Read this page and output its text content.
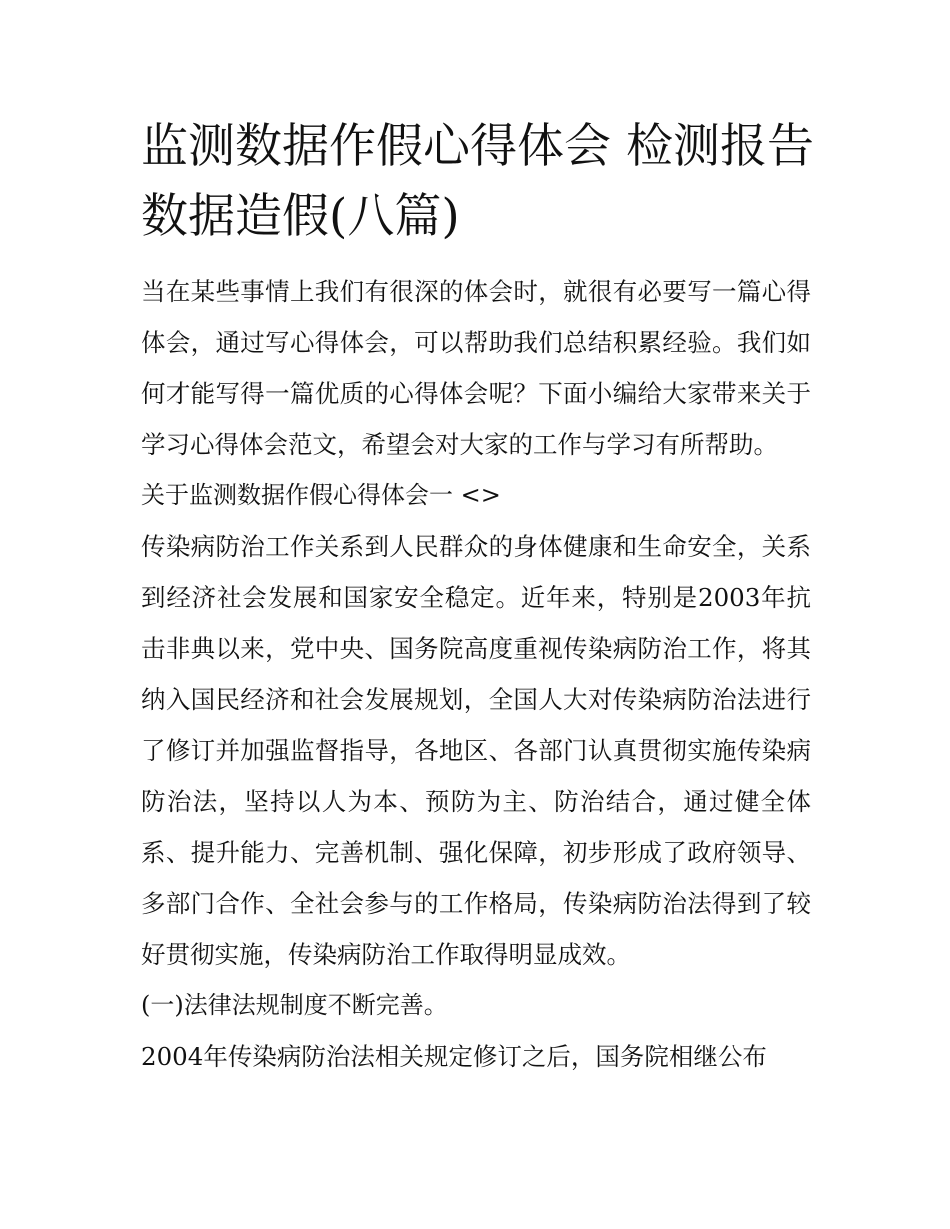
监测数据作假心得体会 检测报告数据造假(八篇)

当在某些事情上我们有很深的体会时，就很有必要写一篇心得体会，通过写心得体会，可以帮助我们总结积累经验。我们如何才能写得一篇优质的心得体会呢？下面小编给大家带来关于学习心得体会范文，希望会对大家的工作与学习有所帮助。

关于监测数据作假心得体会一 <>

传染病防治工作关系到人民群众的身体健康和生命安全，关系到经济社会发展和国家安全稳定。近年来，特别是2003年抗击非典以来，党中央、国务院高度重视传染病防治工作，将其纳入国民经济和社会发展规划，全国人大对传染病防治法进行了修订并加强监督指导，各地区、各部门认真贯彻实施传染病防治法，坚持以人为本、预防为主、防治结合，通过健全体系、提升能力、完善机制、强化保障，初步形成了政府领导、多部门合作、全社会参与的工作格局，传染病防治法得到了较好贯彻实施，传染病防治工作取得明显成效。

(一)法律法规制度不断完善。

2004年传染病防治法相关规定修订之后，国务院相继公布
